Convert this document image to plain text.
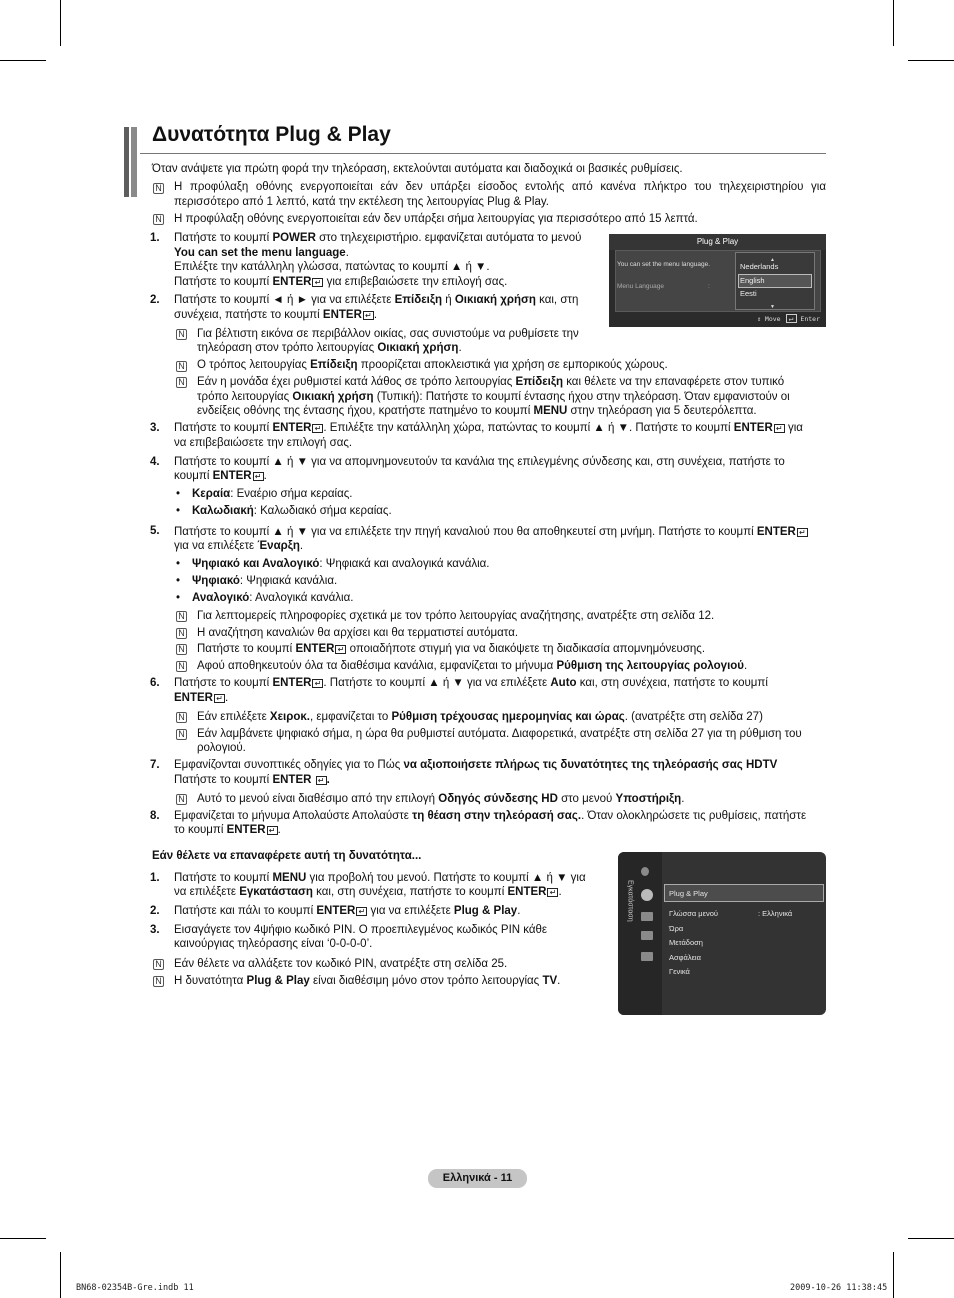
Δυνατότητα Plug & Play

Όταν ανάψετε για πρώτη φορά την τηλεόραση, εκτελούνται αυτόματα και διαδοχικά οι βασικές ρυθμίσεις.

N Η προφύλαξη οθόνης ενεργοποιείται εάν δεν υπάρξει είσοδος εντολής από κανένα πλήκτρο του τηλεχειριστηρίου για

περισσότερο από 1 λεπτό, κατά την εκτέλεση της λειτουργίας Plug & Play.

N Η προφύλαξη οθόνης ενεργοποιείται εάν δεν υπάρξει σήμα λειτουργίας για περισσότερο από 15 λεπτά.

1. Πατήστε το κουμπί POWER στο τηλεχειριστήριο. εμφανίζεται αυτόματα το μενού

You can set the menu language.

Επιλέξτε την κατάλληλη γλώσσα, πατώντας το κουμπί ▲ ή ▼.

Πατήστε το κουμπί ENTER ↵ για επιβεβαιώσετε την επιλογή σας.

2. Πατήστε το κουμπί ◄ ή ► για να επιλέξετε Επίδειξη ή Οικιακή χρήση και, στη

συνέχεια, πατήστε το κουμπί ENTER ↵ .

N Για βέλτιστη εικόνα σε περιβάλλον οικίας, σας συνιστούμε να ρυθμίσετε την

τηλεόραση στον τρόπο λειτουργίας Οικιακή χρήση.

N Ο τρόπος λειτουργίας Επίδειξη προορίζεται αποκλειστικά για χρήση σε εμπορικούς χώρους.

N Εάν η μονάδα έχει ρυθμιστεί κατά λάθος σε τρόπο λειτουργίας Επίδειξη και θέλετε να την επαναφέρετε στον τυπικό

τρόπο λειτουργίας Οικιακή χρήση (Τυπική): Πατήστε το κουμπί έντασης ήχου στην τηλεόραση. Όταν εμφανιστούν οι

ενδείξεις οθόνης της έντασης ήχου, κρατήστε πατημένο το κουμπί MENU στην τηλεόραση για 5 δευτερόλεπτα.

3. Πατήστε το κουμπί ENTER ↵ . Επιλέξτε την κατάλληλη χώρα, πατώντας το κουμπί ▲ ή ▼. Πατήστε το κουμπί ENTER ↵ για

να επιβεβαιώσετε την επιλογή σας.

4. Πατήστε το κουμπί ▲ ή ▼ για να απομνημονευτούν τα κανάλια της επιλεγμένης σύνδεσης και, στη συνέχεια, πατήστε το

κουμπί ENTER ↵ .

• Κεραία: Εναέριο σήμα κεραίας.

• Καλωδιακή: Καλωδιακό σήμα κεραίας.

5. Πατήστε το κουμπί ▲ ή ▼ για να επιλέξετε την πηγή καναλιού που θα αποθηκευτεί στη μνήμη. Πατήστε το κουμπί ENTER ↵

για να επιλέξετε Έναρξη.

• Ψηφιακό και Αναλογικό: Ψηφιακά και αναλογικά κανάλια.

• Ψηφιακό: Ψηφιακά κανάλια.

• Αναλογικό: Αναλογικά κανάλια.

N Για λεπτομερείς πληροφορίες σχετικά με τον τρόπο λειτουργίας αναζήτησης, ανατρέξτε στη σελίδα 12.

N Η αναζήτηση καναλιών θα αρχίσει και θα τερματιστεί αυτόματα.

N Πατήστε το κουμπί ENTER ↵ οποιαδήποτε στιγμή για να διακόψετε τη διαδικασία απομνημόνευσης.

N Αφού αποθηκευτούν όλα τα διαθέσιμα κανάλια, εμφανίζεται το μήνυμα Ρύθμιση της λειτουργίας ρολογιού.

6. Πατήστε το κουμπί ENTER ↵ . Πατήστε το κουμπί ▲ ή ▼ για να επιλέξετε Auto και, στη συνέχεια, πατήστε το κουμπί

ENTER ↵ .

N Εάν επιλέξετε Χειροκ., εμφανίζεται το Ρύθμιση τρέχουσας ημερομηνίας και ώρας. (ανατρέξτε στη σελίδα 27)

N Εάν λαμβάνετε ψηφιακό σήμα, η ώρα θα ρυθμιστεί αυτόματα. Διαφορετικά, ανατρέξτε στη σελίδα 27 για τη ρύθμιση του

ρολογιού.

7. Εμφανίζονται συνοπτικές οδηγίες για το Πώς να αξιοποιήσετε πλήρως τις δυνατότητες της τηλεόρασής σας HDTV

Πατήστε το κουμπί ENTER ↵ .

N Αυτό το μενού είναι διαθέσιμο από την επιλογή Οδηγός σύνδεσης HD στο μενού Υποστήριξη.

8. Εμφανίζεται το μήνυμα Απολαύστε Απολαύστε τη θέαση στην τηλεόρασή σας.. Όταν ολοκληρώσετε τις ρυθμίσεις, πατήστε

το κουμπί ENTER ↵ .

Εάν θέλετε να επαναφέρετε αυτή τη δυνατότητα...

1. Πατήστε το κουμπί MENU για προβολή του μενού. Πατήστε το κουμπί ▲ ή ▼ για

να επιλέξετε Εγκατάσταση και, στη συνέχεια, πατήστε το κουμπί ENTER ↵ .

2. Πατήστε και πάλι το κουμπί ENTER ↵ για να επιλέξετε Plug & Play.

3. Εισαγάγετε τον 4ψήφιο κωδικό PIN. Ο προεπιλεγμένος κωδικός PIN κάθε

καινούργιας τηλεόρασης είναι ‘0-0-0-0’.

N Εάν θέλετε να αλλάξετε τον κωδικό PIN, ανατρέξτε στη σελίδα 25.

N Η δυνατότητα Plug & Play είναι διαθέσιμη μόνο στον τρόπο λειτουργίας TV.

Plug & Play
You can set the menu language.
Menu Language	:
▲
Nederlands
English
Eesti
▼
⇕ Move ↵ Enter
Εγκατάσταση	Plug & Play
Γλώσσα μενού	: Ελληνικά
Ώρα
Μετάδοση
Ασφάλεια
Γενικά
Ελληνικά - 11
BN68-02354B-Gre.indb 11	2009-10-26 11:38:45
